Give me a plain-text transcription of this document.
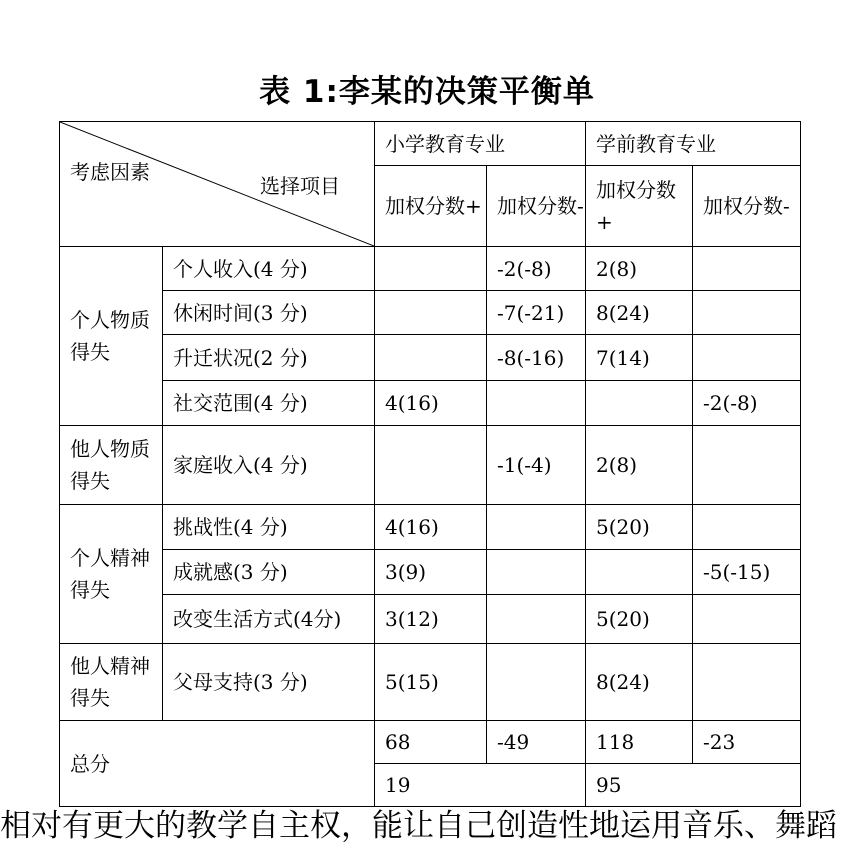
表 1:李某的决策平衡单
考虑因素
选择项目		小学教育专业		学前教育专业	
		加权分数+	加权分数-	加权分数+	加权分数-
个人物质得失	个人收入(4 分)		-2(-8)	2(8)	
	休闲时间(3 分)		-7(-21)	8(24)	
	升迁状况(2 分)		-8(-16)	7(14)	
	社交范围(4 分)	4(16)			-2(-8)
他人物质得失	家庭收入(4 分)		-1(-4)	2(8)	
个人精神得失	挑战性(4 分)	4(16)		5(20)	
	成就感(3 分)	3(9)			-5(-15)
	改变生活方式(4分)	3(12)		5(20)	
他人精神得失	父母支持(3 分)	5(15)		8(24)	
总分		68	-49	118	-23
		19		95	
相对有更大的教学自主权，能让自己创造性地运用音乐、舞蹈
